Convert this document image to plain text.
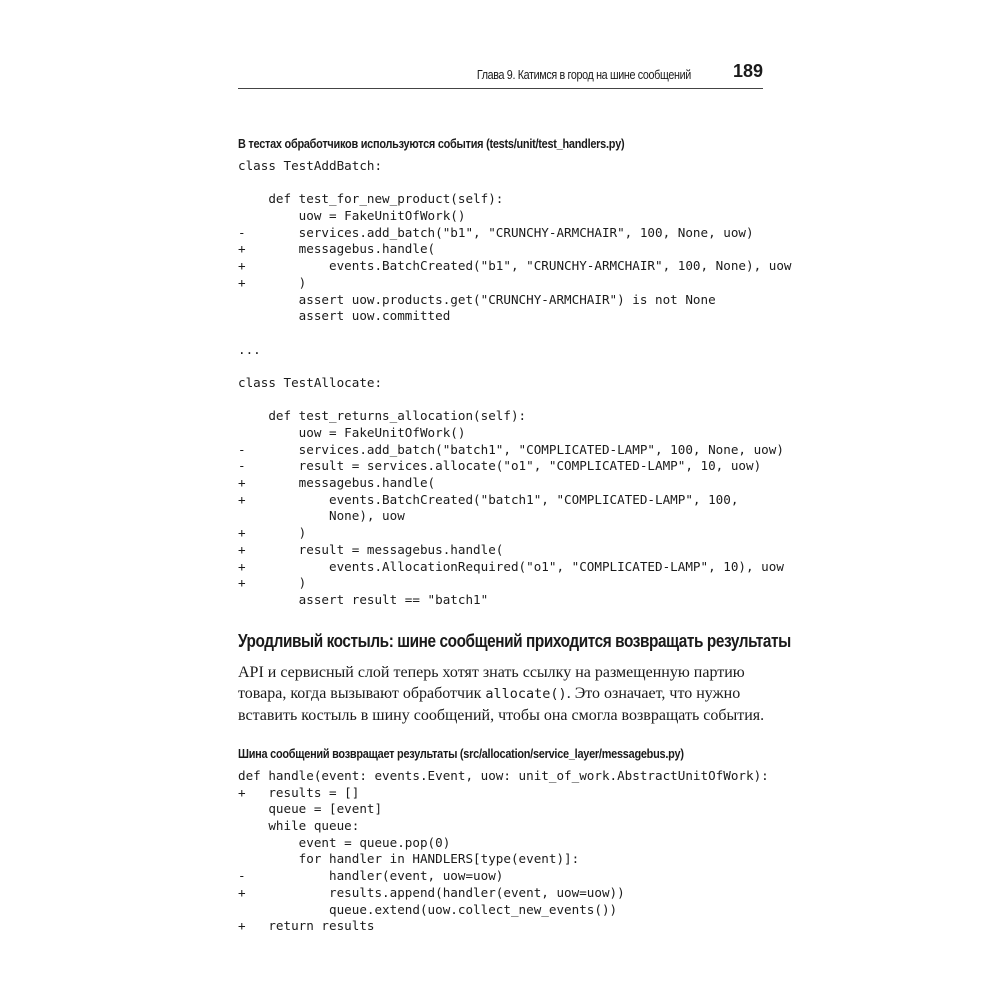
Глава 9. Катимся в город на шине сообщений 189
В тестах обработчиков используются события (tests/unit/test_handlers.py)
class TestAddBatch:
def test_for_new_product(self):
uow = FakeUnitOfWork()
-       services.add_batch("b1", "CRUNCHY-ARMCHAIR", 100, None, uow)
+       messagebus.handle(
+           events.BatchCreated("b1", "CRUNCHY-ARMCHAIR", 100, None), uow
+       )
assert uow.products.get("CRUNCHY-ARMCHAIR") is not None
assert uow.committed
...
class TestAllocate:
def test_returns_allocation(self):
uow = FakeUnitOfWork()
-       services.add_batch("batch1", "COMPLICATED-LAMP", 100, None, uow)
-       result = services.allocate("o1", "COMPLICATED-LAMP", 10, uow)
+       messagebus.handle(
+           events.BatchCreated("batch1", "COMPLICATED-LAMP", 100,
None), uow
+       )
+       result = messagebus.handle(
+           events.AllocationRequired("o1", "COMPLICATED-LAMP", 10), uow
+       )
assert result == "batch1"
Уродливый костыль: шине сообщений приходится возвращать результаты
API и сервисный слой теперь хотят знать ссылку на размещенную партию
товара, когда вызывают обработчик allocate(). Это означает, что нужно
вставить костыль в шину сообщений, чтобы она смогла возвращать события.
Шина сообщений возвращает результаты (src/allocation/service_layer/messagebus.py)
def handle(event: events.Event, uow: unit_of_work.AbstractUnitOfWork):
+   results = []
queue = [event]
while queue:
event = queue.pop(0)
for handler in HANDLERS[type(event)]:
-           handler(event, uow=uow)
+           results.append(handler(event, uow=uow))
queue.extend(uow.collect_new_events())
+   return results
